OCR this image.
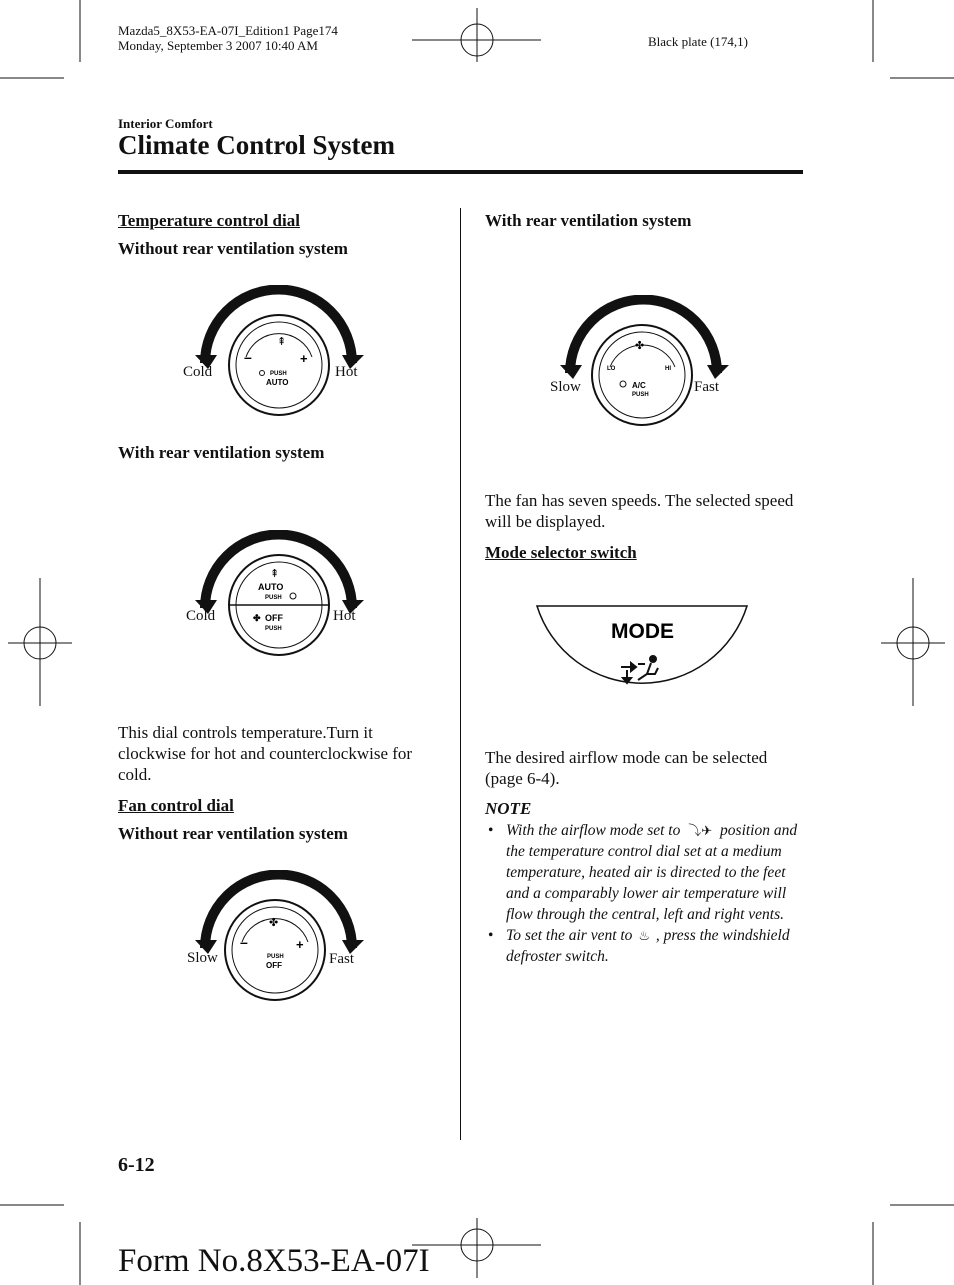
Mazda5_8X53-EA-07I_Edition1 Page174
Monday, September 3 2007 10:40 AM	Black plate (174,1)
Interior Comfort
Climate Control System
Temperature control dial
Without rear ventilation system
–	+
⇞
PUSH
AUTO
Cold	Hot
With rear ventilation system
⇞
AUTO
PUSH
✤ OFF
PUSH
Cold	Hot
This dial controls temperature.Turn it clockwise for hot and counterclockwise for cold.
Fan control dial
Without rear ventilation system
–	+
✤
PUSH
OFF
Slow	Fast
With rear ventilation system
✤
LO	HI
A/C
PUSH
Slow	Fast
The fan has seven speeds. The selected speed will be displayed.
Mode selector switch
MODE
The desired airflow mode can be selected (page 6-4).
NOTE
• With the airflow mode set to ⤵✈ position and the temperature control dial set at a medium temperature, heated air is directed to the feet and a comparably lower air temperature will flow through the central, left and right vents.
• To set the air vent to ♨ , press the windshield defroster switch.
6-12
Form No.8X53-EA-07I
